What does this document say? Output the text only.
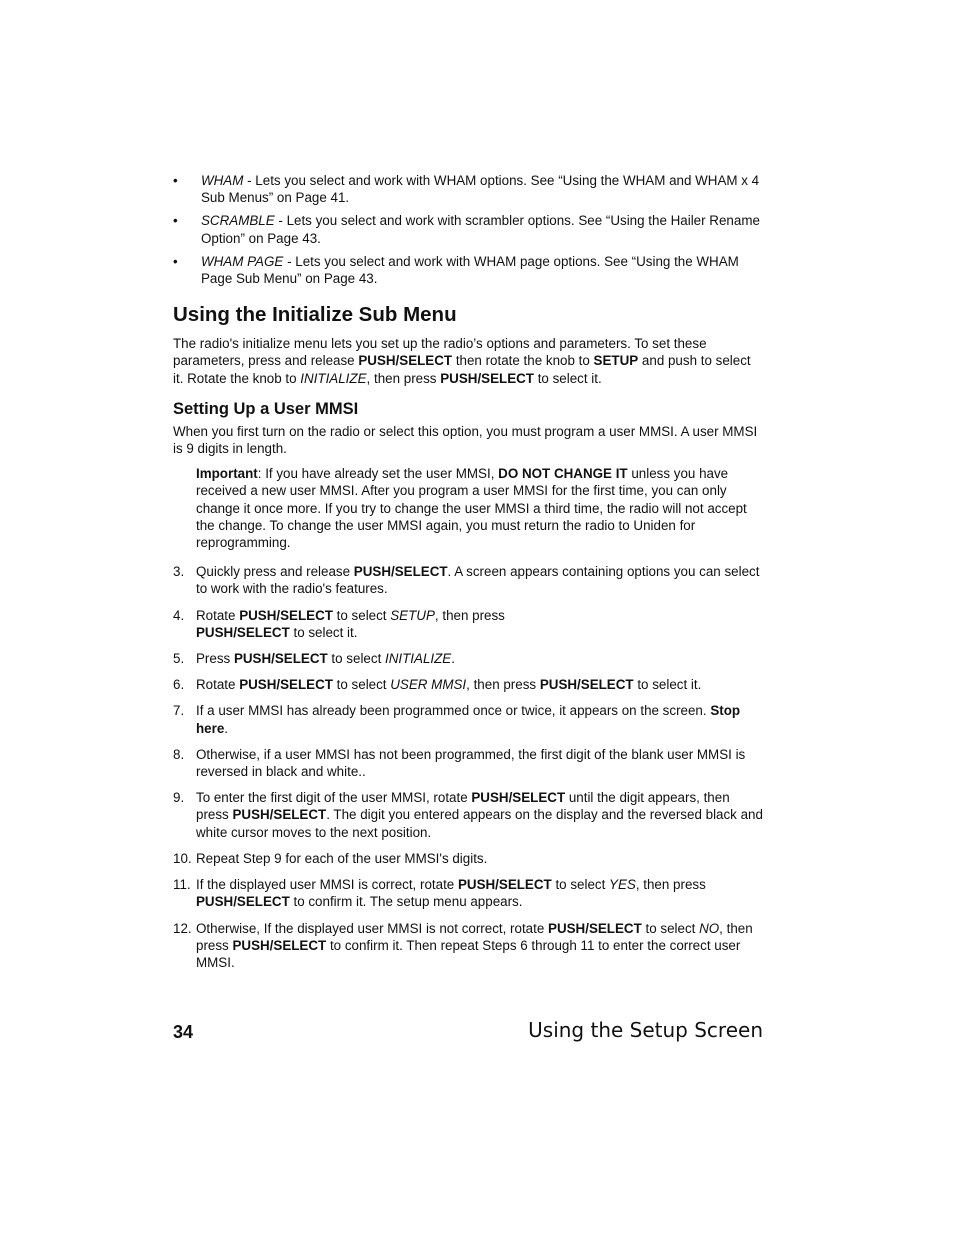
• WHAM - Lets you select and work with WHAM options. See “Using the WHAM and WHAM x 4 Sub Menus” on Page 41.
• SCRAMBLE - Lets you select and work with scrambler options. See “Using the Hailer Rename Option” on Page 43.
• WHAM PAGE - Lets you select and work with WHAM page options. See “Using the WHAM Page Sub Menu” on Page 43.
Using the Initialize Sub Menu

The radio's initialize menu lets you set up the radio’s options and parameters. To set these parameters, press and release PUSH/SELECT then rotate the knob to SETUP and push to select it. Rotate the knob to INITIALIZE, then press PUSH/SELECT to select it.

Setting Up a User MMSI

When you first turn on the radio or select this option, you must program a user MMSI. A user MMSI is 9 digits in length.

Important: If you have already set the user MMSI, DO NOT CHANGE IT unless you have received a new user MMSI. After you program a user MMSI for the first time, you can only change it once more. If you try to change the user MMSI a third time, the radio will not accept the change. To change the user MMSI again, you must return the radio to Uniden for reprogramming.

3. Quickly press and release PUSH/SELECT. A screen appears containing options you can select to work with the radio's features.
4. Rotate PUSH/SELECT to select SETUP, then press
PUSH/SELECT to select it.
5. Press PUSH/SELECT to select INITIALIZE.
6. Rotate PUSH/SELECT to select USER MMSI, then press PUSH/SELECT to select it.
7. If a user MMSI has already been programmed once or twice, it appears on the screen. Stop here.
8. Otherwise, if a user MMSI has not been programmed, the first digit of the blank user MMSI is reversed in black and white..
9. To enter the first digit of the user MMSI, rotate PUSH/SELECT until the digit appears, then press PUSH/SELECT. The digit you entered appears on the display and the reversed black and white cursor moves to the next position.
10. Repeat Step 9 for each of the user MMSI's digits.
11. If the displayed user MMSI is correct, rotate PUSH/SELECT to select YES, then press PUSH/SELECT to confirm it. The setup menu appears.
12. Otherwise, If the displayed user MMSI is not correct, rotate PUSH/SELECT to select NO, then press PUSH/SELECT to confirm it. Then repeat Steps 6 through 11 to enter the correct user MMSI.
34	Using the Setup Screen
